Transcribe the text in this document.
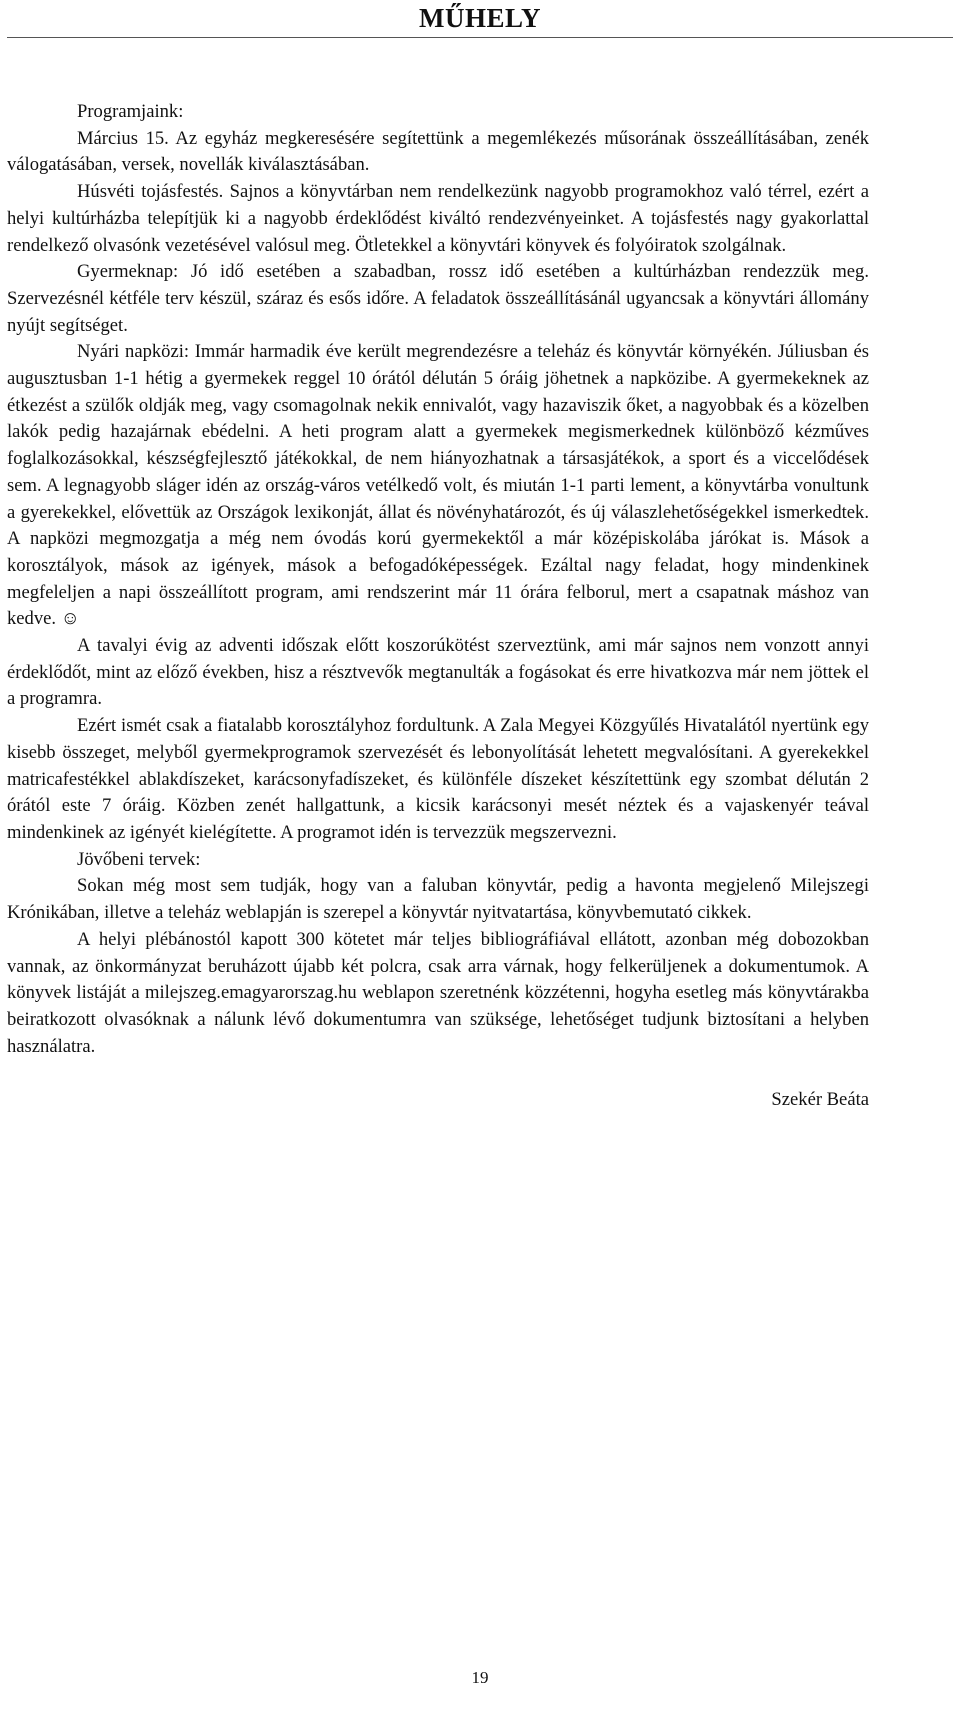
MŰHELY

Programjaink:

Március 15. Az egyház megkeresésére segítettünk a megemlékezés műsorának összeállításában, zenék válogatásában, versek, novellák kiválasztásában.

Húsvéti tojásfestés. Sajnos a könyvtárban nem rendelkezünk nagyobb programokhoz való térrel, ezért a helyi kultúrházba telepítjük ki a nagyobb érdeklődést kiváltó rendezvényeinket. A tojásfestés nagy gyakorlattal rendelkező olvasónk vezetésével valósul meg. Ötletekkel a könyvtári könyvek és folyóiratok szolgálnak.

Gyermeknap: Jó idő esetében a szabadban, rossz idő esetében a kultúrházban rendezzük meg. Szervezésnél kétféle terv készül, száraz és esős időre. A feladatok összeállításánál ugyancsak a könyvtári állomány nyújt segítséget.

Nyári napközi: Immár harmadik éve került megrendezésre a teleház és könyvtár környékén. Júliusban és augusztusban 1-1 hétig a gyermekek reggel 10 órától délután 5 óráig jöhetnek a napközibe. A gyermekeknek az étkezést a szülők oldják meg, vagy csomagolnak nekik ennivalót, vagy hazaviszik őket, a nagyobbak és a közelben lakók pedig hazajárnak ebédelni. A heti program alatt a gyermekek megismerkednek különböző kézműves foglalkozásokkal, készségfejlesztő játékokkal, de nem hiányozhatnak a társasjátékok, a sport és a viccelődések sem. A legnagyobb sláger idén az ország-város vetélkedő volt, és miután 1-1 parti lement, a könyvtárba vonultunk a gyerekekkel, elővettük az Országok lexikonját, állat és növényhatározót, és új válaszlehetőségekkel ismerkedtek. A napközi megmozgatja a még nem óvodás korú gyermekektől a már középiskolába járókat is. Mások a korosztályok, mások az igények, mások a befogadóképességek. Ezáltal nagy feladat, hogy mindenkinek megfeleljen a napi összeállított program, ami rendszerint már 11 órára felborul, mert a csapatnak máshoz van kedve. ☺

A tavalyi évig az adventi időszak előtt koszorúkötést szerveztünk, ami már sajnos nem vonzott annyi érdeklődőt, mint az előző években, hisz a résztvevők megtanulták a fogásokat és erre hivatkozva már nem jöttek el a programra.

Ezért ismét csak a fiatalabb korosztályhoz fordultunk. A Zala Megyei Közgyűlés Hivatalától nyertünk egy kisebb összeget, melyből gyermekprogramok szervezését és lebonyolítását lehetett megvalósítani. A gyerekekkel matricafestékkel ablakdíszeket, karácsonyfadíszeket, és különféle díszeket készítettünk egy szombat délután 2 órától este 7 óráig. Közben zenét hallgattunk, a kicsik karácsonyi mesét néztek és a vajaskenyér teával mindenkinek az igényét kielégítette. A programot idén is tervezzük megszervezni.

Jövőbeni tervek:

Sokan még most sem tudják, hogy van a faluban könyvtár, pedig a havonta megjelenő Milejszegi Krónikában, illetve a teleház weblapján is szerepel a könyvtár nyitvatartása, könyvbemutató cikkek.

A helyi plébánostól kapott 300 kötetet már teljes bibliográfiával ellátott, azonban még dobozokban vannak, az önkormányzat beruházott újabb két polcra, csak arra várnak, hogy felkerüljenek a dokumentumok. A könyvek listáját a milejszeg.emagyarorszag.hu weblapon szeretnénk közzétenni, hogyha esetleg más könyvtárakba beiratkozott olvasóknak a nálunk lévő dokumentumra van szüksége, lehetőséget tudjunk biztosítani a helyben használatra.

Szekér Beáta

19
